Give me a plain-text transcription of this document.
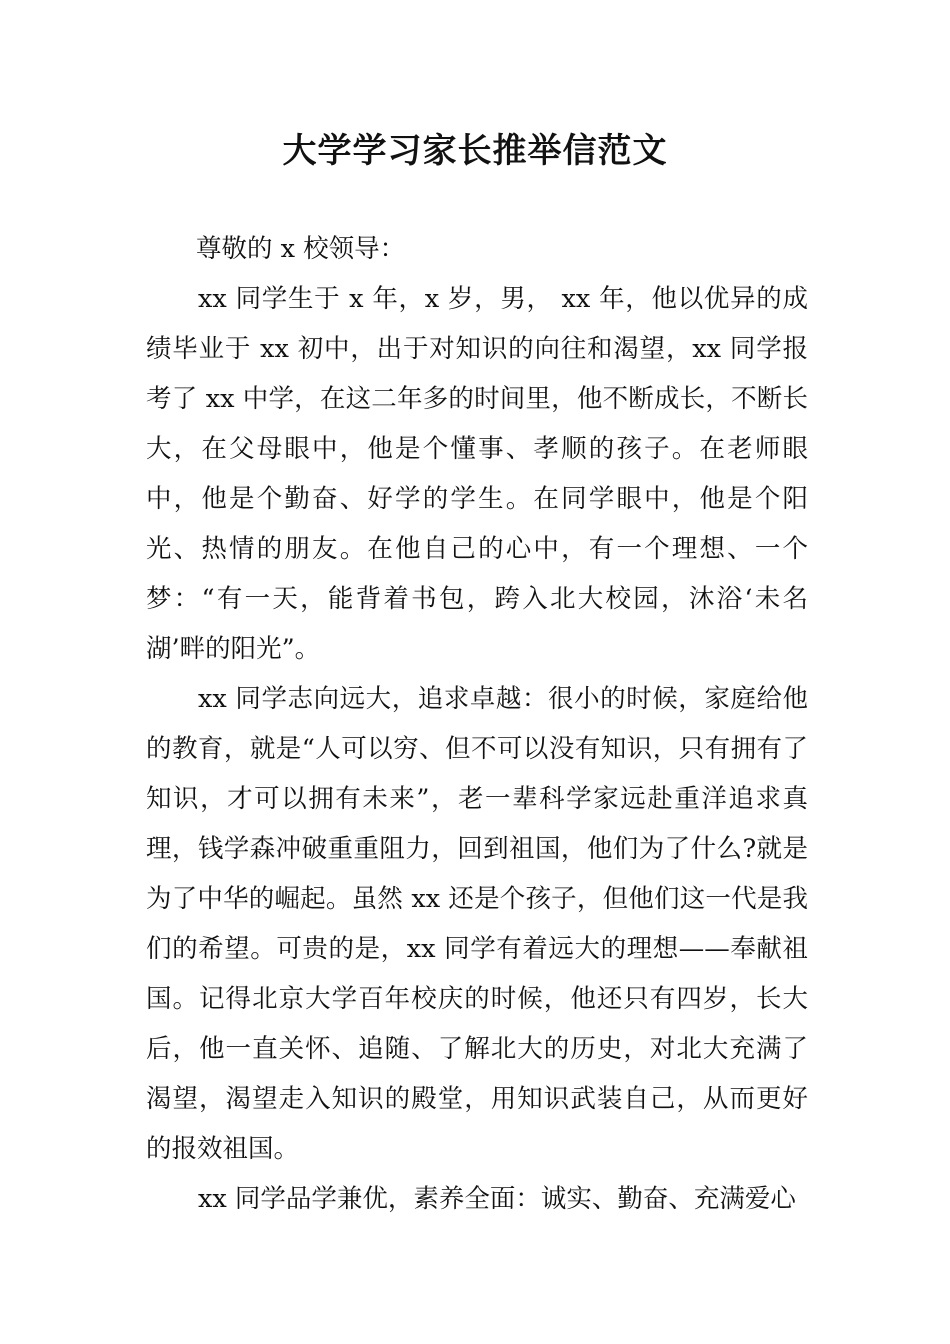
大学学习家长推举信范文

尊敬的 x 校领导：

xx 同学生于 x 年，x 岁，男， xx 年，他以优异的成绩毕业于 xx 初中，出于对知识的向往和渴望，xx 同学报考了 xx 中学，在这二年多的时间里，他不断成长，不断长大，在父母眼中，他是个懂事、孝顺的孩子。在老师眼中，他是个勤奋、好学的学生。在同学眼中，他是个阳光、热情的朋友。在他自己的心中，有一个理想、一个梦：“有一天，能背着书包，跨入北大校园，沐浴‘未名湖’畔的阳光”。

xx 同学志向远大，追求卓越：很小的时候，家庭给他的教育，就是“人可以穷、但不可以没有知识，只有拥有了知识，才可以拥有未来”，老一辈科学家远赴重洋追求真理，钱学森冲破重重阻力，回到祖国，他们为了什么?就是为了中华的崛起。虽然 xx 还是个孩子，但他们这一代是我们的希望。可贵的是，xx 同学有着远大的理想——奉献祖国。记得北京大学百年校庆的时候，他还只有四岁，长大后，他一直关怀、追随、了解北大的历史，对北大充满了渴望，渴望走入知识的殿堂，用知识武装自己，从而更好的报效祖国。

xx 同学品学兼优，素养全面：诚实、勤奋、充满爱心
